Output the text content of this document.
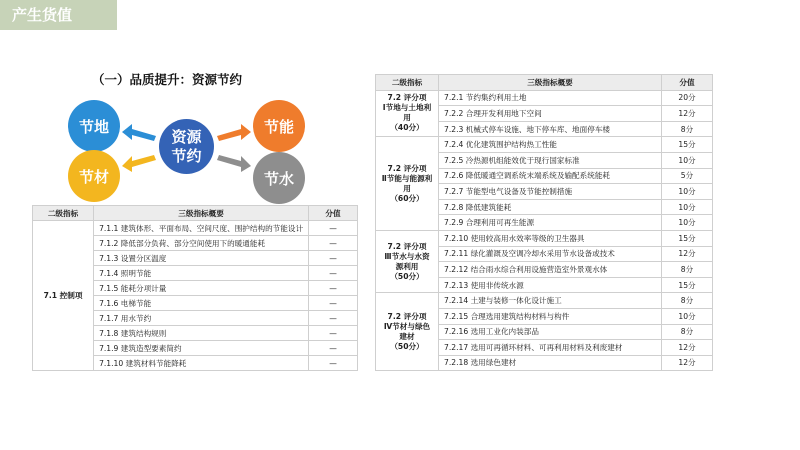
产生货值
（一）品质提升：资源节约
节地
节材
资源
节约
节能
节水
二级指标	三级指标概要	分值
7.1 控制项	7.1.1 建筑体形、平面布局、空间尺度、围护结构的节能设计	—
	7.1.2 降低部分负荷、部分空间使用下的暖通能耗	—
	7.1.3 设置分区温度	—
	7.1.4 照明节能	—
	7.1.5 能耗分项计量	—
	7.1.6 电梯节能	—
	7.1.7 用水节约	—
	7.1.8 建筑结构规则	—
	7.1.9 建筑造型要素简约	—
	7.1.10 建筑材料节能降耗	—
二级指标	三级指标概要	分值

7.2 评分项
Ⅰ节地与土地利用
（40分）	7.2.1 节约集约利用土地	20分
	7.2.2 合理开发利用地下空间	12分
	7.2.3 机械式停车设施、地下停车库、地面停车楼	8分

7.2 评分项
Ⅱ节能与能源利用
（60分）	7.2.4 优化建筑围护结构热工性能	15分
	7.2.5 冷热源机组能效优于现行国家标准	10分
	7.2.6 降低暖通空调系统末端系统及输配系统能耗	5分
	7.2.7 节能型电气设备及节能控制措施	10分
	7.2.8 降低建筑能耗	10分
	7.2.9 合理利用可再生能源	10分

7.2 评分项
Ⅲ节水与水资源利用
（50分）	7.2.10 使用较高用水效率等级的卫生器具	15分
	7.2.11 绿化灌溉及空调冷却水采用节水设备或技术	12分
	7.2.12 结合雨水综合利用设施营造室外景观水体	8分
	7.2.13 使用非传统水源	15分

7.2 评分项
Ⅳ节材与绿色建材
（50分）	7.2.14 土建与装修一体化设计施工	8分
	7.2.15 合理选用建筑结构材料与构件	10分
	7.2.16 选用工业化内装部品	8分
	7.2.17 选用可再循环材料、可再利用材料及利废建材	12分
	7.2.18 选用绿色建材	12分
